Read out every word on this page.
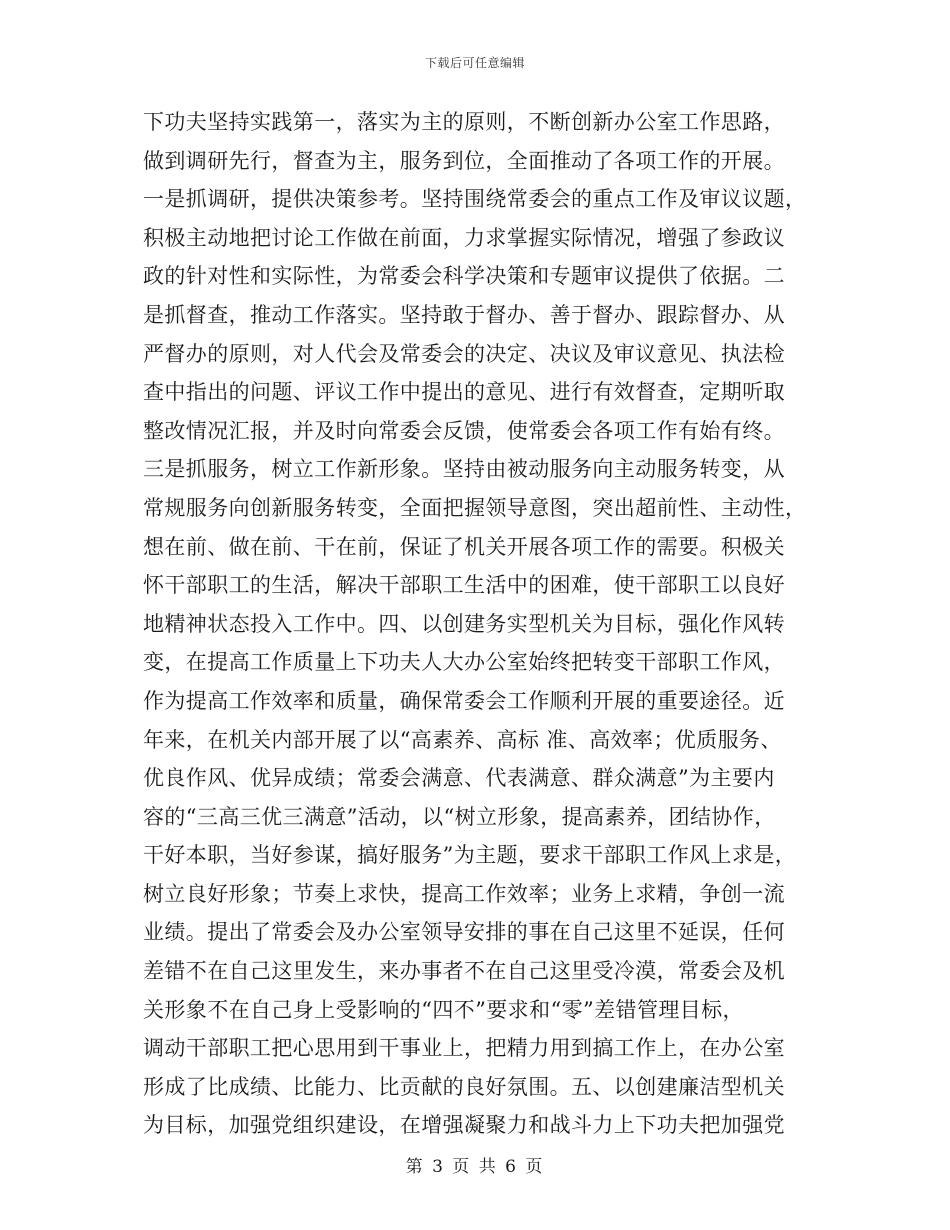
下载后可任意编辑
下功夫坚持实践第一，落实为主的原则，不断创新办公室工作思路，
做到调研先行，督查为主，服务到位，全面推动了各项工作的开展。
一是抓调研，提供决策参考。坚持围绕常委会的重点工作及审议议题，
积极主动地把讨论工作做在前面，力求掌握实际情况，增强了参政议
政的针对性和实际性，为常委会科学决策和专题审议提供了依据。二
是抓督查，推动工作落实。坚持敢于督办、善于督办、跟踪督办、从
严督办的原则，对人代会及常委会的决定、决议及审议意见、执法检
查中指出的问题、评议工作中提出的意见、进行有效督查，定期听取
整改情况汇报，并及时向常委会反馈，使常委会各项工作有始有终。
三是抓服务，树立工作新形象。坚持由被动服务向主动服务转变，从
常规服务向创新服务转变，全面把握领导意图，突出超前性、主动性，
想在前、做在前、干在前，保证了机关开展各项工作的需要。积极关
怀干部职工的生活，解决干部职工生活中的困难，使干部职工以良好
地精神状态投入工作中。四、以创建务实型机关为目标，强化作风转
变，在提高工作质量上下功夫人大办公室始终把转变干部职工作风，
作为提高工作效率和质量，确保常委会工作顺利开展的重要途径。近
年来，在机关内部开展了以“高素养、高标 准、高效率；优质服务、
优良作风、优异成绩；常委会满意、代表满意、群众满意”为主要内
容的“三高三优三满意”活动，以“树立形象，提高素养，团结协作，
干好本职，当好参谋，搞好服务”为主题，要求干部职工作风上求是，
树立良好形象；节奏上求快，提高工作效率；业务上求精，争创一流
业绩。提出了常委会及办公室领导安排的事在自己这里不延误，任何
差错不在自己这里发生，来办事者不在自己这里受冷漠，常委会及机
关形象不在自己身上受影响的“四不”要求和“零”差错管理目标，
调动干部职工把心思用到干事业上，把精力用到搞工作上，在办公室
形成了比成绩、比能力、比贡献的良好氛围。五、以创建廉洁型机关
为目标，加强党组织建设，在增强凝聚力和战斗力上下功夫把加强党
第 3 页 共 6 页
